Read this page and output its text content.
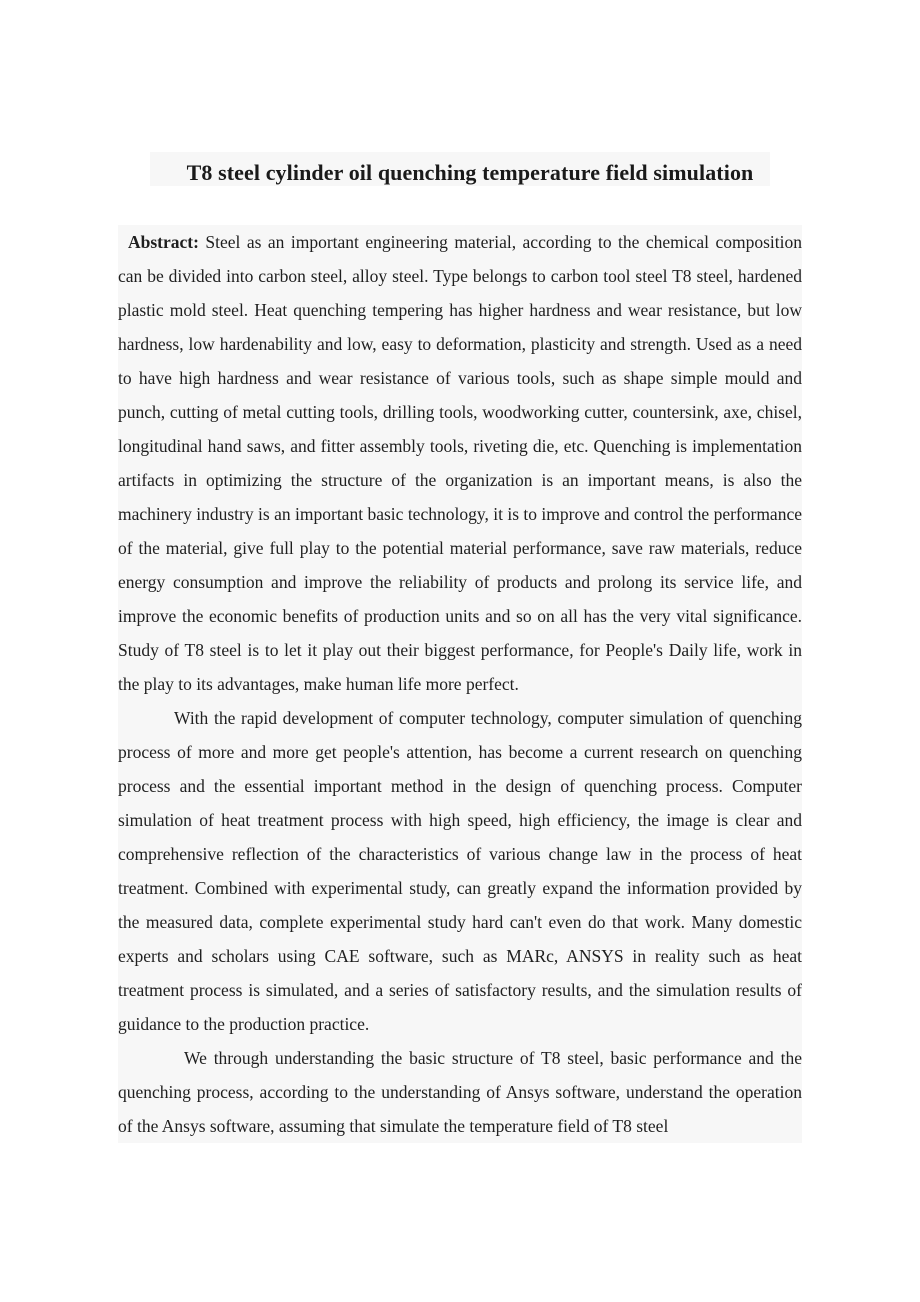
T8 steel cylinder oil quenching temperature field simulation

Abstract: Steel as an important engineering material, according to the chemical composition can be divided into carbon steel, alloy steel. Type belongs to carbon tool steel T8 steel, hardened plastic mold steel. Heat quenching tempering has higher hardness and wear resistance, but low hardness, low hardenability and low, easy to deformation, plasticity and strength. Used as a need to have high hardness and wear resistance of various tools, such as shape simple mould and punch, cutting of metal cutting tools, drilling tools, woodworking cutter, countersink, axe, chisel, longitudinal hand saws, and fitter assembly tools, riveting die, etc. Quenching is implementation artifacts in optimizing the structure of the organization is an important means, is also the machinery industry is an important basic technology, it is to improve and control the performance of the material, give full play to the potential material performance, save raw materials, reduce energy consumption and improve the reliability of products and prolong its service life, and improve the economic benefits of production units and so on all has the very vital significance. Study of T8 steel is to let it play out their biggest performance, for People's Daily life, work in the play to its advantages, make human life more perfect.

With the rapid development of computer technology, computer simulation of quenching process of more and more get people's attention, has become a current research on quenching process and the essential important method in the design of quenching process. Computer simulation of heat treatment process with high speed, high efficiency, the image is clear and comprehensive reflection of the characteristics of various change law in the process of heat treatment. Combined with experimental study, can greatly expand the information provided by the measured data, complete experimental study hard can't even do that work. Many domestic experts and scholars using CAE software, such as MARc, ANSYS in reality such as heat treatment process is simulated, and a series of satisfactory results, and the simulation results of guidance to the production practice.

We through understanding the basic structure of T8 steel, basic performance and the quenching process, according to the understanding of Ansys software, understand the operation of the Ansys software, assuming that simulate the temperature field of T8 steel
